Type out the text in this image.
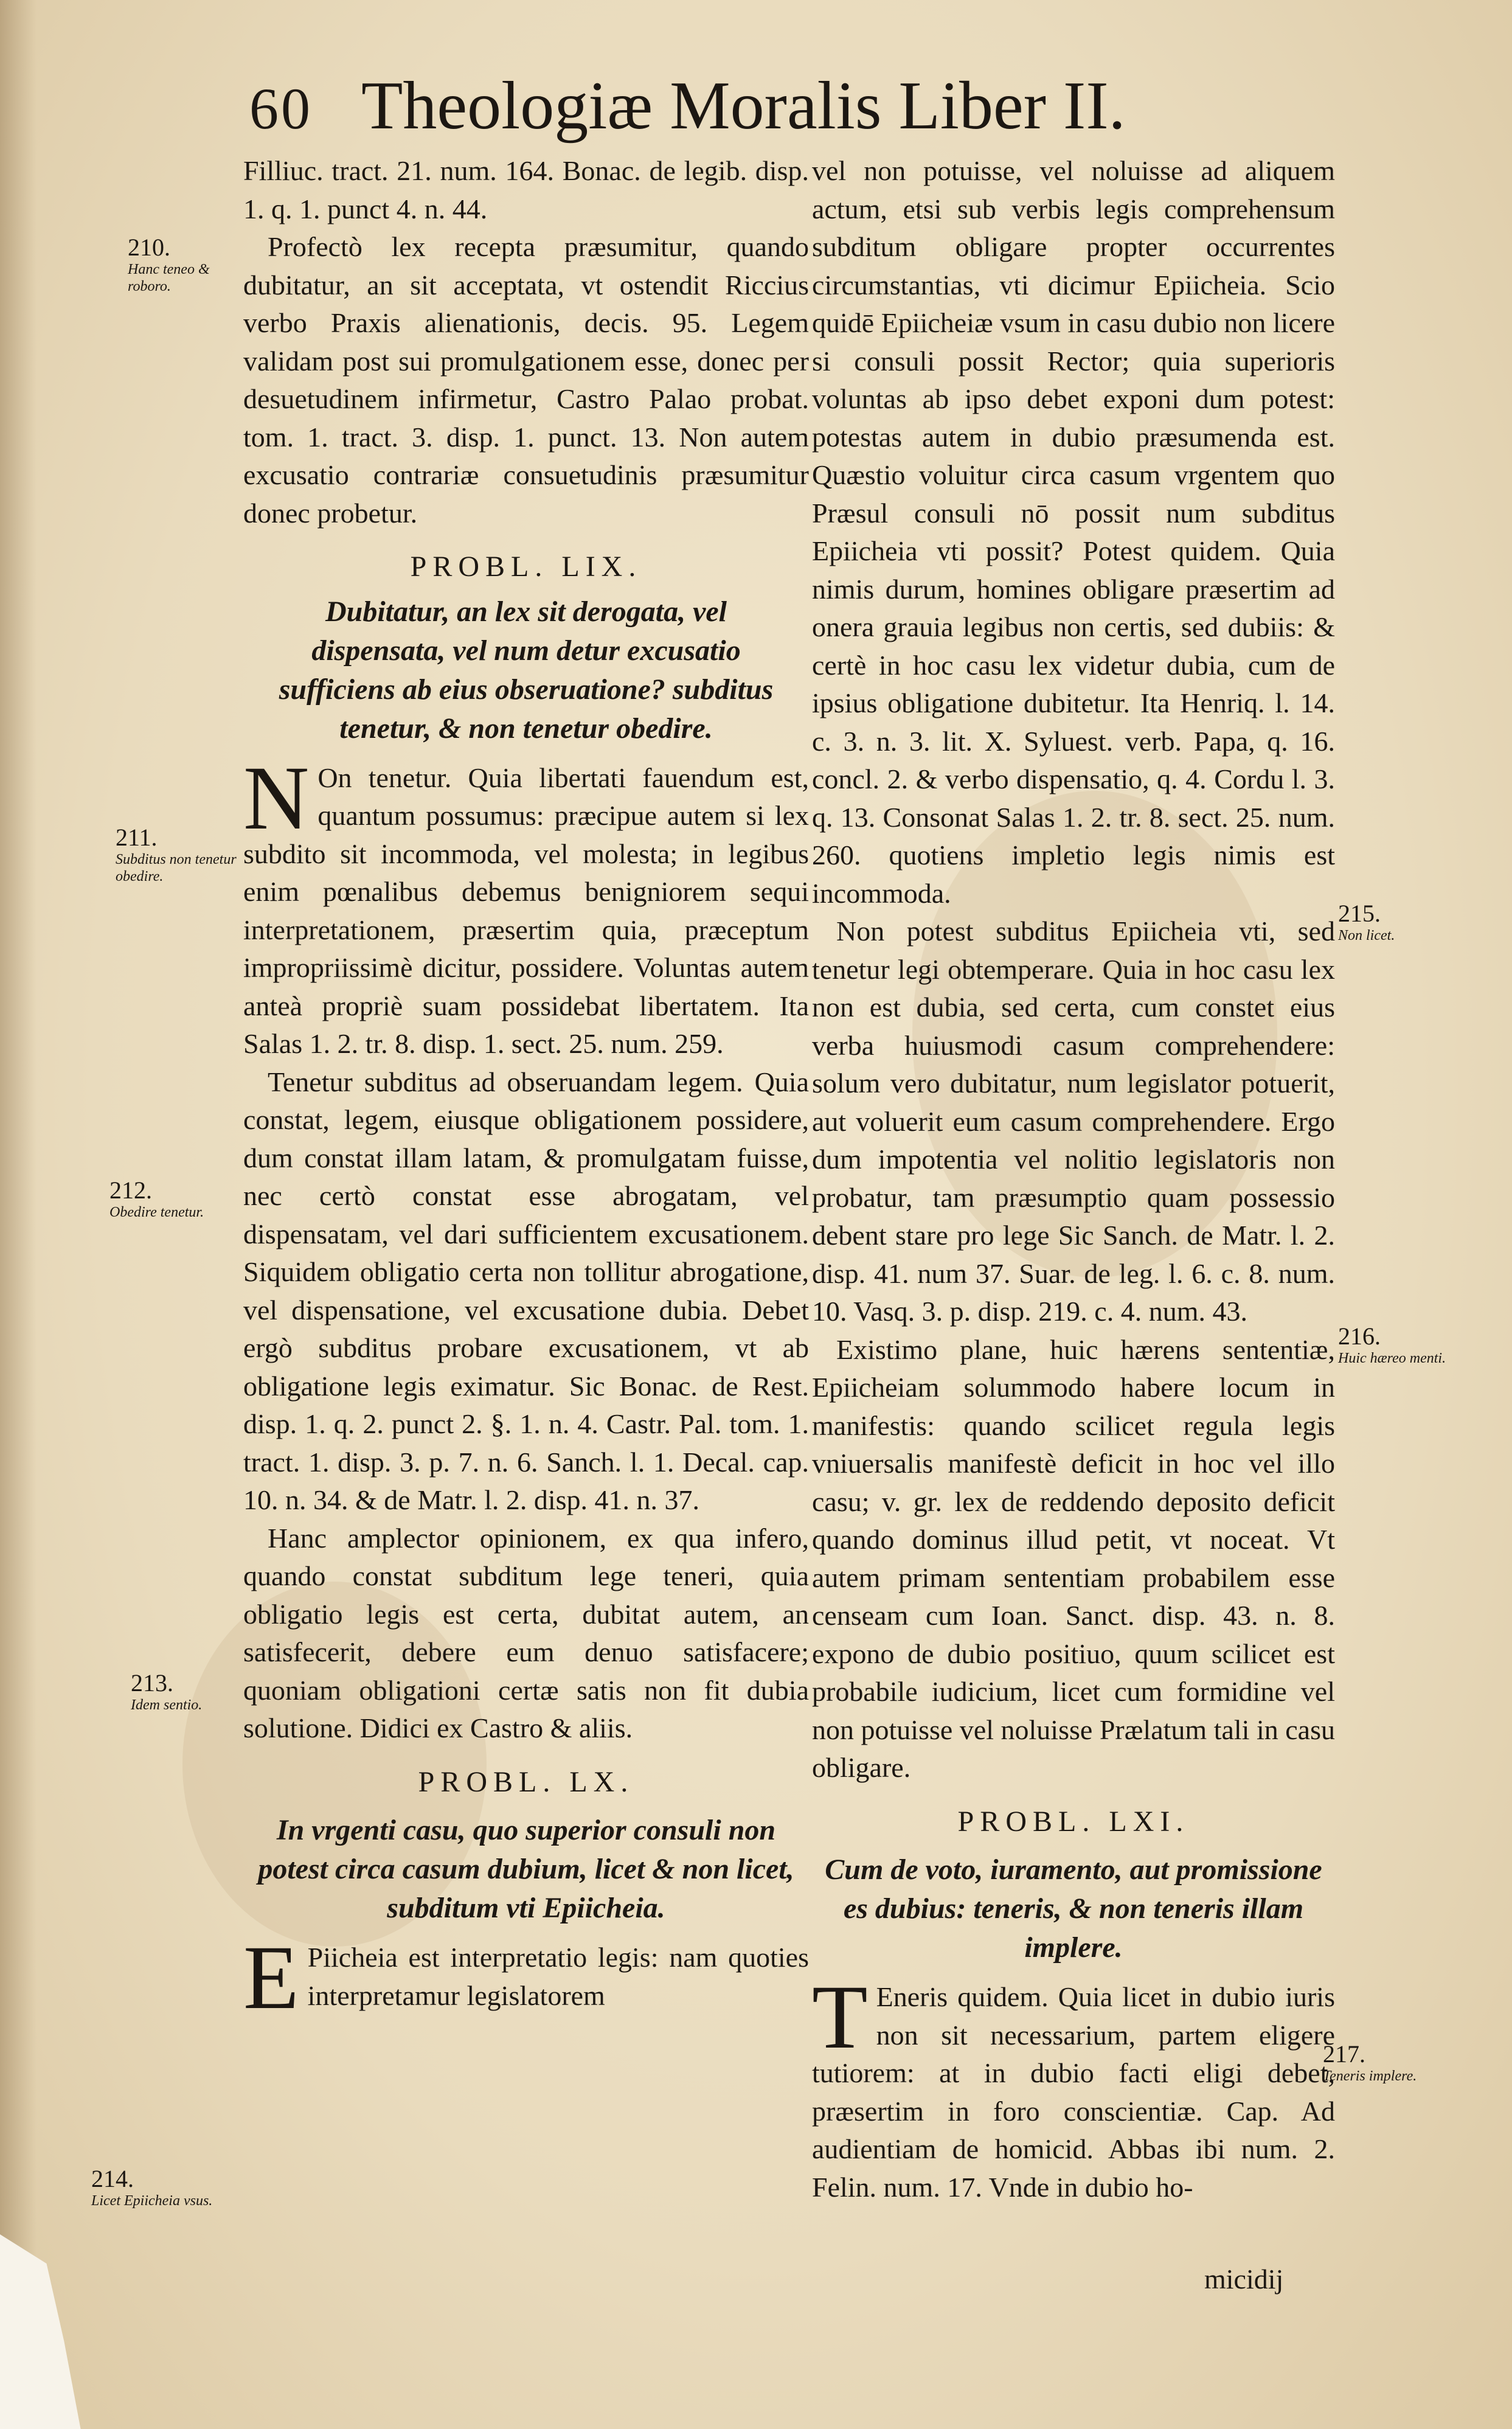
60 Theologiæ Moralis Liber II.

Filliuc. tract. 21. num. 164. Bonac. de legib. disp. 1. q. 1. punct 4. n. 44.

Profectò lex recepta præsumitur, quando dubitatur, an sit acceptata, vt ostendit Riccius verbo Praxis alienationis, decis. 95. Legem validam post sui promulgationem esse, donec per desuetudinem infirmetur, Castro Palao probat. tom. 1. tract. 3. disp. 1. punct. 13. Non autem excusatio contrariæ consuetudinis præsumitur donec probetur.

PROBL. LIX.

Dubitatur, an lex sit derogata, vel dispensata, vel num detur excusatio sufficiens ab eius obseruatione? subditus tenetur, & non tenetur obedire.

N On tenetur. Quia libertati fauendum est, quantum possumus: præcipue autem si lex subdito sit incommoda, vel molesta; in legibus enim pœnalibus debemus benigniorem sequi interpretationem, præsertim quia, præceptum impropriissimè dicitur, possidere. Voluntas autem anteà propriè suam possidebat libertatem. Ita Salas 1. 2. tr. 8. disp. 1. sect. 25. num. 259.

Tenetur subditus ad obseruandam legem. Quia constat, legem, eiusque obligationem possidere, dum constat illam latam, & promulgatam fuisse, nec certò constat esse abrogatam, vel dispensatam, vel dari sufficientem excusationem. Siquidem obligatio certa non tollitur abrogatione, vel dispensatione, vel excusatione dubia. Debet ergò subditus probare excusationem, vt ab obligatione legis eximatur. Sic Bonac. de Rest. disp. 1. q. 2. punct 2. §. 1. n. 4. Castr. Pal. tom. 1. tract. 1. disp. 3. p. 7. n. 6. Sanch. l. 1. Decal. cap. 10. n. 34. & de Matr. l. 2. disp. 41. n. 37.

Hanc amplector opinionem, ex qua infero, quando constat subditum lege teneri, quia obligatio legis est certa, dubitat autem, an satisfecerit, debere eum denuo satisfacere; quoniam obligationi certæ satis non fit dubia solutione. Didici ex Castro & aliis.

PROBL. LX.

In vrgenti casu, quo superior consuli non potest circa casum dubium, licet & non licet, subditum vti Epiicheia.

E Piicheia est interpretatio legis: nam quoties interpretamur legislatorem

vel non potuisse, vel noluisse ad aliquem actum, etsi sub verbis legis comprehensum subditum obligare propter occurrentes circumstantias, vti dicimur Epiicheia. Scio quidē Epiicheiæ vsum in casu dubio non licere si consuli possit Rector; quia superioris voluntas ab ipso debet exponi dum potest: potestas autem in dubio præsumenda est. Quæstio voluitur circa casum vrgentem quo Præsul consuli nō possit num subditus Epiicheia vti possit? Potest quidem. Quia nimis durum, homines obligare præsertim ad onera grauia legibus non certis, sed dubiis: & certè in hoc casu lex videtur dubia, cum de ipsius obligatione dubitetur. Ita Henriq. l. 14. c. 3. n. 3. lit. X. Syluest. verb. Papa, q. 16. concl. 2. & verbo dispensatio, q. 4. Cordu l. 3. q. 13. Consonat Salas 1. 2. tr. 8. sect. 25. num. 260. quotiens impletio legis nimis est incommoda.

Non potest subditus Epiicheia vti, sed tenetur legi obtemperare. Quia in hoc casu lex non est dubia, sed certa, cum constet eius verba huiusmodi casum comprehendere: solum vero dubitatur, num legislator potuerit, aut voluerit eum casum comprehendere. Ergo dum impotentia vel nolitio legislatoris non probatur, tam præsumptio quam possessio debent stare pro lege Sic Sanch. de Matr. l. 2. disp. 41. num 37. Suar. de leg. l. 6. c. 8. num. 10. Vasq. 3. p. disp. 219. c. 4. num. 43.

Existimo plane, huic hærens sententiæ, Epiicheiam solummodo habere locum in manifestis: quando scilicet regula legis vniuersalis manifestè deficit in hoc vel illo casu; v. gr. lex de reddendo deposito deficit quando dominus illud petit, vt noceat. Vt autem primam sententiam probabilem esse censeam cum Ioan. Sanct. disp. 43. n. 8. expono de dubio positiuo, quum scilicet est probabile iudicium, licet cum formidine vel non potuisse vel noluisse Prælatum tali in casu obligare.

PROBL. LXI.

Cum de voto, iuramento, aut promissione es dubius: teneris, & non teneris illam implere.

T Eneris quidem. Quia licet in dubio iuris non sit necessarium, partem eligere tutiorem: at in dubio facti eligi debet, præsertim in foro conscientiæ. Cap. Ad audientiam de homicid. Abbas ibi num. 2. Felin. num. 17. Vnde in dubio ho-

micidij
210.
Hanc teneo & roboro.
211.
Subditus non tenetur obedire.
212.
Obedire tenetur.
213.
Idem sentio.
214.
Licet Epiicheia vsus.
215.
Non licet.
216.
Huic hæreo menti.
217.
Teneris implere.
